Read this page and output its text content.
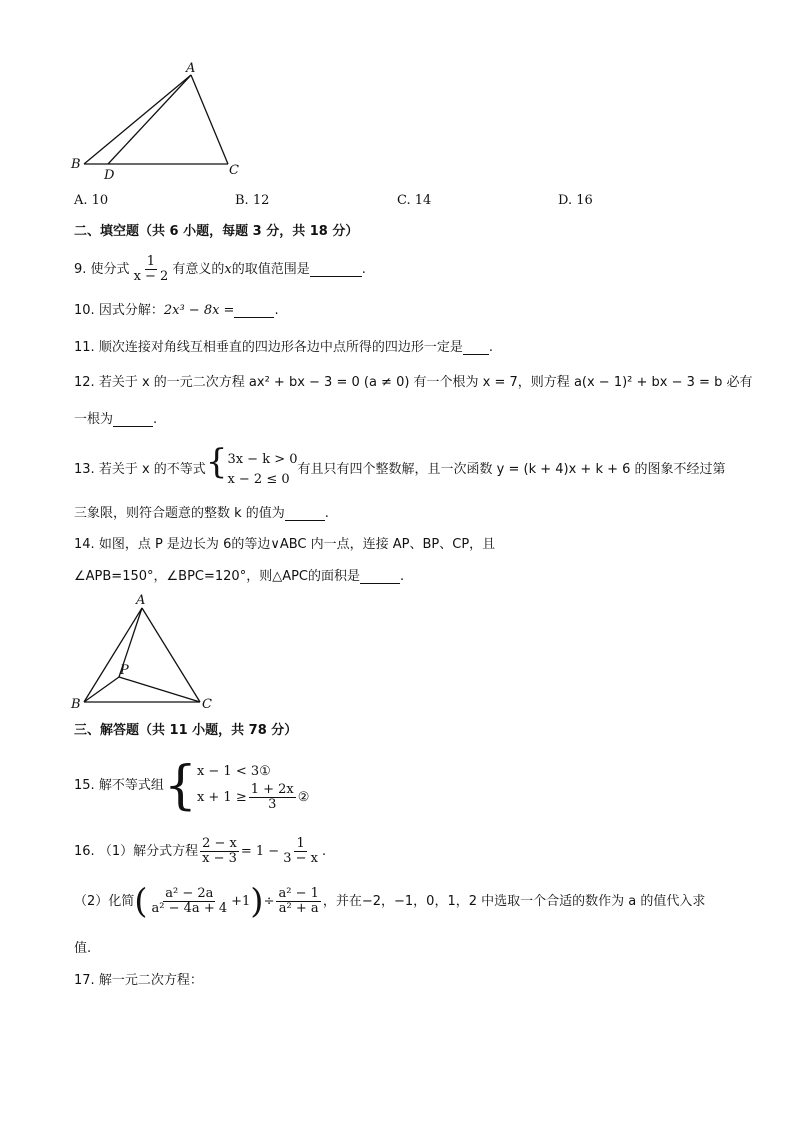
A
B	C
D
A. 10	B. 12	C. 14	D. 16
二、填空题（共 6 小题，每题 3 分，共 18 分）
9. 使分式 $\frac{1}{x - 2}$ 有意义的x的取值范围是	.
10. 因式分解：2x³ − 8x =	.
11. 顺次连接对角线互相垂直的四边形各边中点所得的四边形一定是 .
12. 若关于 x 的一元二次方程 ax² + bx − 3 = 0 (a ≠ 0) 有一个根为 x = 7，则方程 a(x − 1)² + bx − 3 = b 必有
一根为	.
13. 若关于 x 的不等式{ 3x − k > 0
x − 2 ≤ 0
有且只有四个整数解，且一次函数 y = (k + 4)x + k + 6 的图象不经过第
三象限，则符合题意的整数 k 的值为	.
14. 如图，点 P 是边长为 6的等边∨ABC 内一点，连接 AP、BP、CP，且
∠APB=150°，∠BPC=120°，则△APC的面积是	.
A
B	C
P
三、解答题（共 11 小题，共 78 分）
15. 解不等式组{ x − 1 < 3①
$x + 1 \ge \frac{1 + 2x}{3}$ ②
16. （1）解分式方程 $\frac{2 - x}{x - 3} = 1 - \frac{1}{3 - x}$ .
（2）化简( $\frac{\text{a² − 2a}}{\text{a² − 4a + 4}} +1)\div \frac{\text{a² − 1}}{\text{a² + a}}$ ，并在−2，−1，0，1，2 中选取一个合适的数作为 a 的值代入求
值.
17. 解一元二次方程：
